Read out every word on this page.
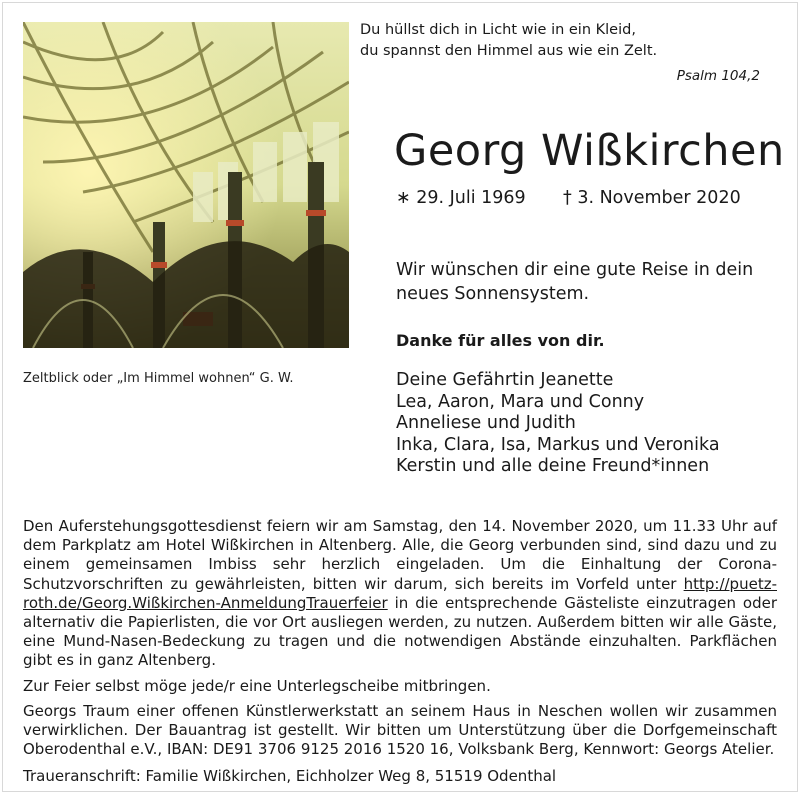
Zeltblick oder „Im Himmel wohnen“ G. W.
Du hüllst dich in Licht wie in ein Kleid,
du spannst den Himmel aus wie ein Zelt.
Psalm 104,2
Georg Wißkirchen
∗ 29. Juli 1969 † 3. November 2020
Wir wünschen dir eine gute Reise in dein
neues Sonnensystem.
Danke für alles von dir.
Deine Gefährtin Jeanette
Lea, Aaron, Mara und Conny
Anneliese und Judith
Inka, Clara, Isa, Markus und Veronika
Kerstin und alle deine Freund*innen

Den Auferstehungsgottesdienst feiern wir am Samstag, den 14. November 2020, um 11.33 Uhr auf dem Parkplatz am Hotel Wißkirchen in Altenberg. Alle, die Georg verbunden sind, sind dazu und zu einem gemeinsamen Imbiss sehr herzlich eingeladen. Um die Einhaltung der Corona-Schutzvorschriften zu gewährleisten, bitten wir darum, sich bereits im Vorfeld unter http://puetz-roth.de/Georg.Wißkirchen-AnmeldungTrauerfeier in die entsprechende Gästeliste einzutragen oder alternativ die Papierlisten, die vor Ort ausliegen werden, zu nutzen. Außerdem bitten wir alle Gäste, eine Mund-Nasen-Bedeckung zu tragen und die notwendigen Abstände einzuhalten. Parkflächen gibt es in ganz Altenberg.

Zur Feier selbst möge jede/r eine Unterlegscheibe mitbringen.

Georgs Traum einer offenen Künstlerwerkstatt an seinem Haus in Neschen wollen wir zusammen verwirklichen. Der Bauantrag ist gestellt. Wir bitten um Unterstützung über die Dorfgemeinschaft Oberodenthal e.V., IBAN: DE91 3706 9125 2016 1520 16, Volksbank Berg, Kennwort: Georgs Atelier.

Traueranschrift: Familie Wißkirchen, Eichholzer Weg 8, 51519 Odenthal
